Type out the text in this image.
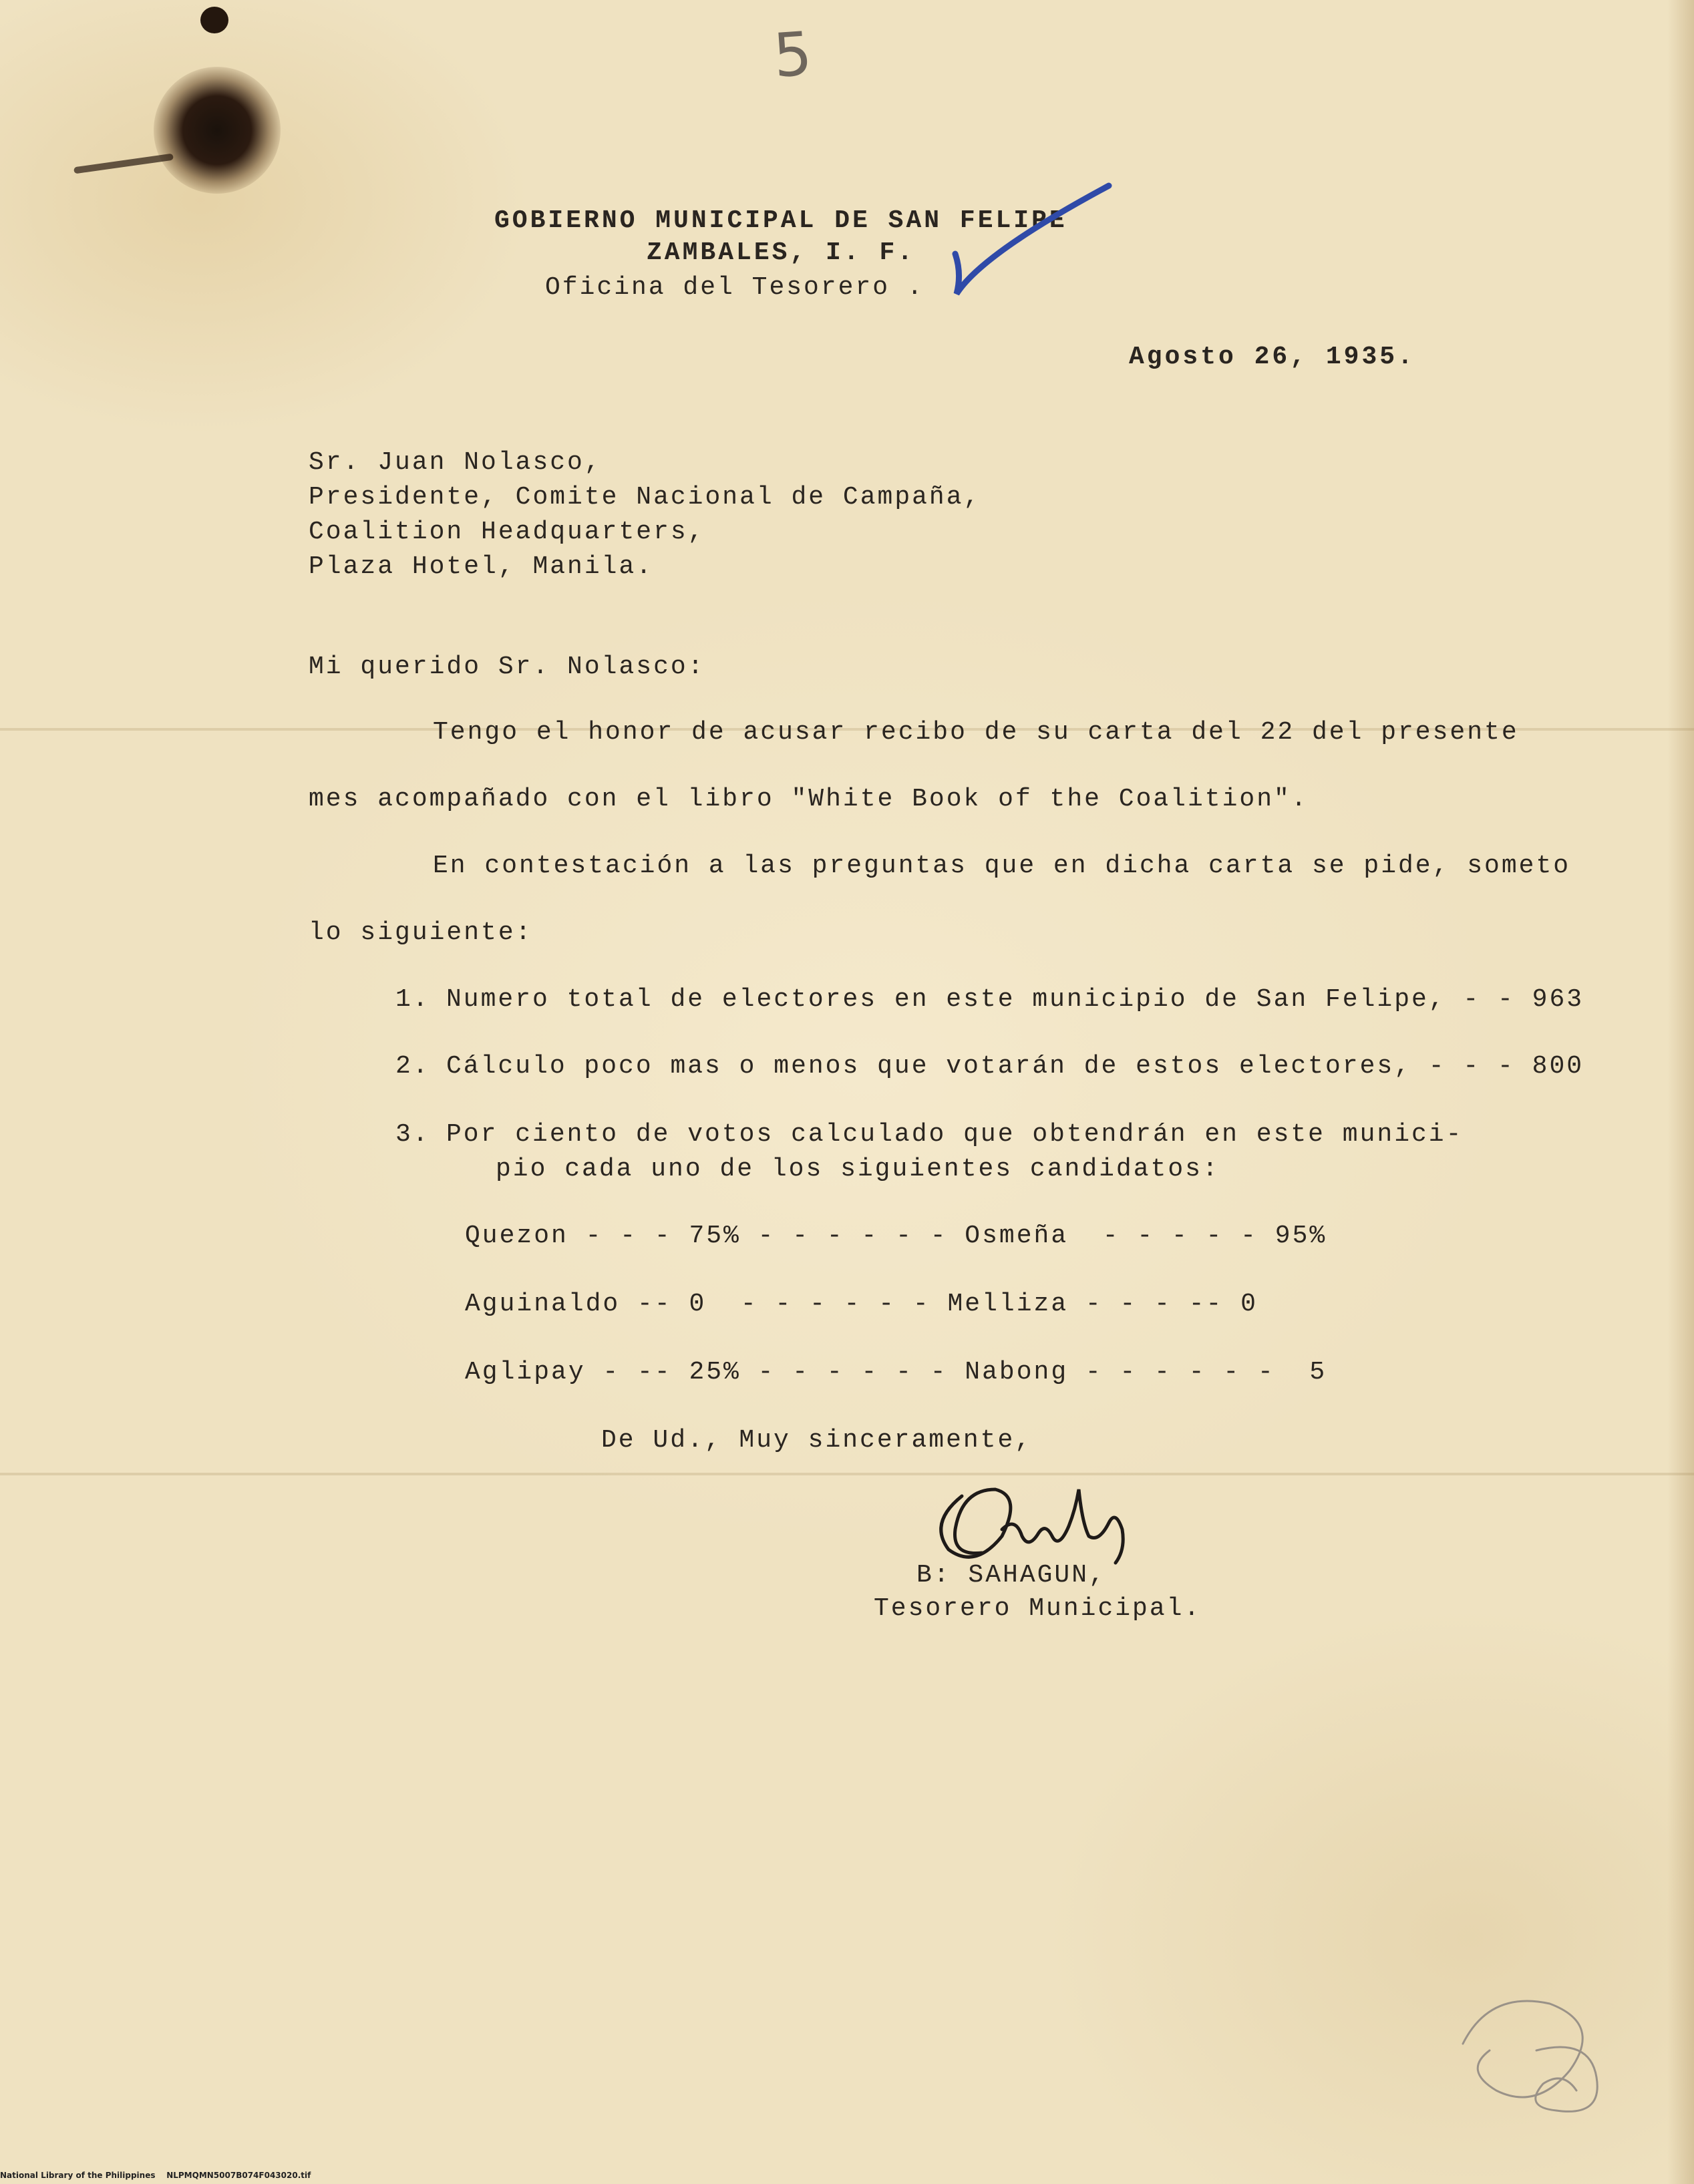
5

GOBIERNO MUNICIPAL DE SAN FELIPE

ZAMBALES, I. F.

Oficina del Tesorero .

Agosto 26, 1935.

Sr. Juan Nolasco,

Presidente, Comite Nacional de Campaña,

Coalition Headquarters,

Plaza Hotel, Manila.

Mi querido Sr. Nolasco:

Tengo el honor de acusar recibo de su carta del 22 del presente

mes acompañado con el libro "White Book of the Coalition".

En contestación a las preguntas que en dicha carta se pide, someto

lo siguiente:

1. Numero total de electores en este municipio de San Felipe, - - 963

2. Cálculo poco mas o menos que votarán de estos electores, - - - 800

3. Por ciento de votos calculado que obtendrán en este munici-

pio cada uno de los siguientes candidatos:

Quezon - - - 75% - - - - - - Osmeña  - - - - - 95%

Aguinaldo -- 0  - - - - - - Melliza - - - -- 0

Aglipay - -- 25% - - - - - - Nabong - - - - - -  5

De Ud., Muy sinceramente,

B: SAHAGUN,

Tesorero Municipal.

National Library of the Philippines    NLPMQMN5007B074F043020.tif
